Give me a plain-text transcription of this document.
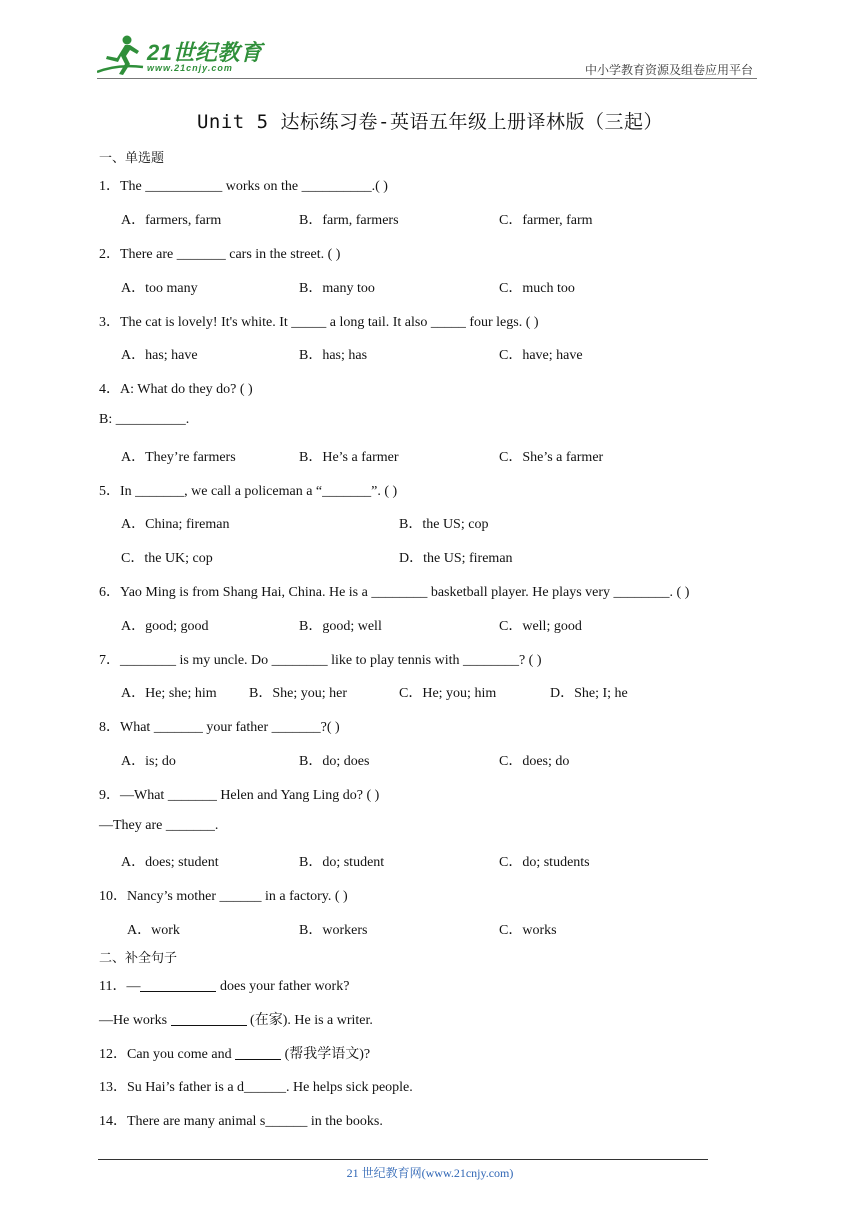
21世纪教育
www.21cnjy.com	中小学教育资源及组卷应用平台
Unit 5 达标练习卷-英语五年级上册译林版（三起）
一、单选题
1．The ___________ works on the __________.( )
A．farmers, farm	B．farm, farmers	C．farmer, farm
2．There are _______ cars in the street. ( )
A．too many	B．many too	C．much too
3．The cat is lovely! It's white. It _____ a long tail. It also _____ four legs. ( )
A．has; have	B．has; has	C．have; have
4．A: What do they do? ( )
B: __________.
A．They’re farmers	B．He’s a farmer	C．She’s a farmer
5．In _______, we call a policeman a “_______”. ( )
A．China; fireman	B．the US; cop
C．the UK; cop	D．the US; fireman
6．Yao Ming is from Shang Hai, China. He is a ________ basketball player. He plays very ________. ( )
A．good; good	B．good; well	C．well; good
7．________ is my uncle. Do ________ like to play tennis with ________? ( )
A．He; she; him B．She; you; her	C．He; you; him	D．She; I; he
8．What _______ your father _______?( )
A．is; do	B．do; does	C．does; do
9．—What _______ Helen and Yang Ling do? ( )
—They are _______.
A．does; student	B．do; student	C．do; students
10．Nancy’s mother ______ in a factory. ( )
A．work	B．workers	C．works
二、补全句子
11．—	does your father work?
—He works	(在家). He is a writer.
12．Can you come and	(帮我学语文)?
13．Su Hai’s father is a d______. He helps sick people.
14．There are many animal s______ in the books.
21 世纪教育网(www.21cnjy.com)
